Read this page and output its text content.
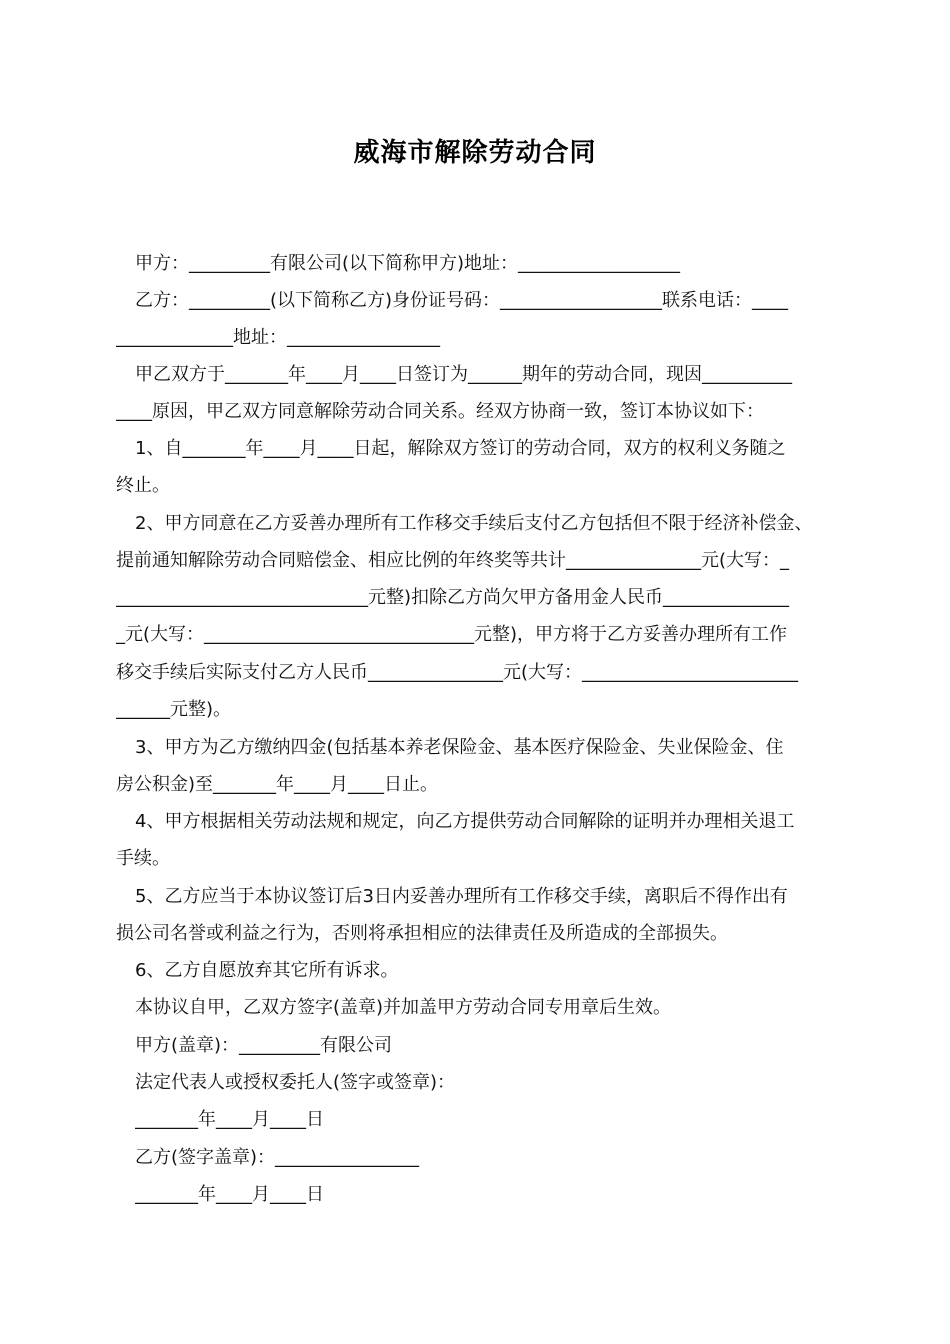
威海市解除劳动合同
甲方：_________有限公司(以下简称甲方)地址：__________________
乙方：_________(以下简称乙方)身份证号码：__________________联系电话：____
_____________地址：_________________
甲乙双方于_______年____月____日签订为______期年的劳动合同，现因__________
____原因，甲乙双方同意解除劳动合同关系。经双方协商一致，签订本协议如下：
1、自_______年____月____日起，解除双方签订的劳动合同，双方的权利义务随之
终止。
2、甲方同意在乙方妥善办理所有工作移交手续后支付乙方包括但不限于经济补偿金、
提前通知解除劳动合同赔偿金、相应比例的年终奖等共计_______________元(大写：_
____________________________元整)扣除乙方尚欠甲方备用金人民币______________
_元(大写：______________________________元整)，甲方将于乙方妥善办理所有工作
移交手续后实际支付乙方人民币_______________元(大写：________________________
______元整)。
3、甲方为乙方缴纳四金(包括基本养老保险金、基本医疗保险金、失业保险金、住
房公积金)至_______年____月____日止。
4、甲方根据相关劳动法规和规定，向乙方提供劳动合同解除的证明并办理相关退工
手续。
5、乙方应当于本协议签订后3日内妥善办理所有工作移交手续，离职后不得作出有
损公司名誉或利益之行为，否则将承担相应的法律责任及所造成的全部损失。
6、乙方自愿放弃其它所有诉求。
本协议自甲，乙双方签字(盖章)并加盖甲方劳动合同专用章后生效。
甲方(盖章)：_________有限公司
法定代表人或授权委托人(签字或签章)：
_______年____月____日
乙方(签字盖章)：________________
_______年____月____日
